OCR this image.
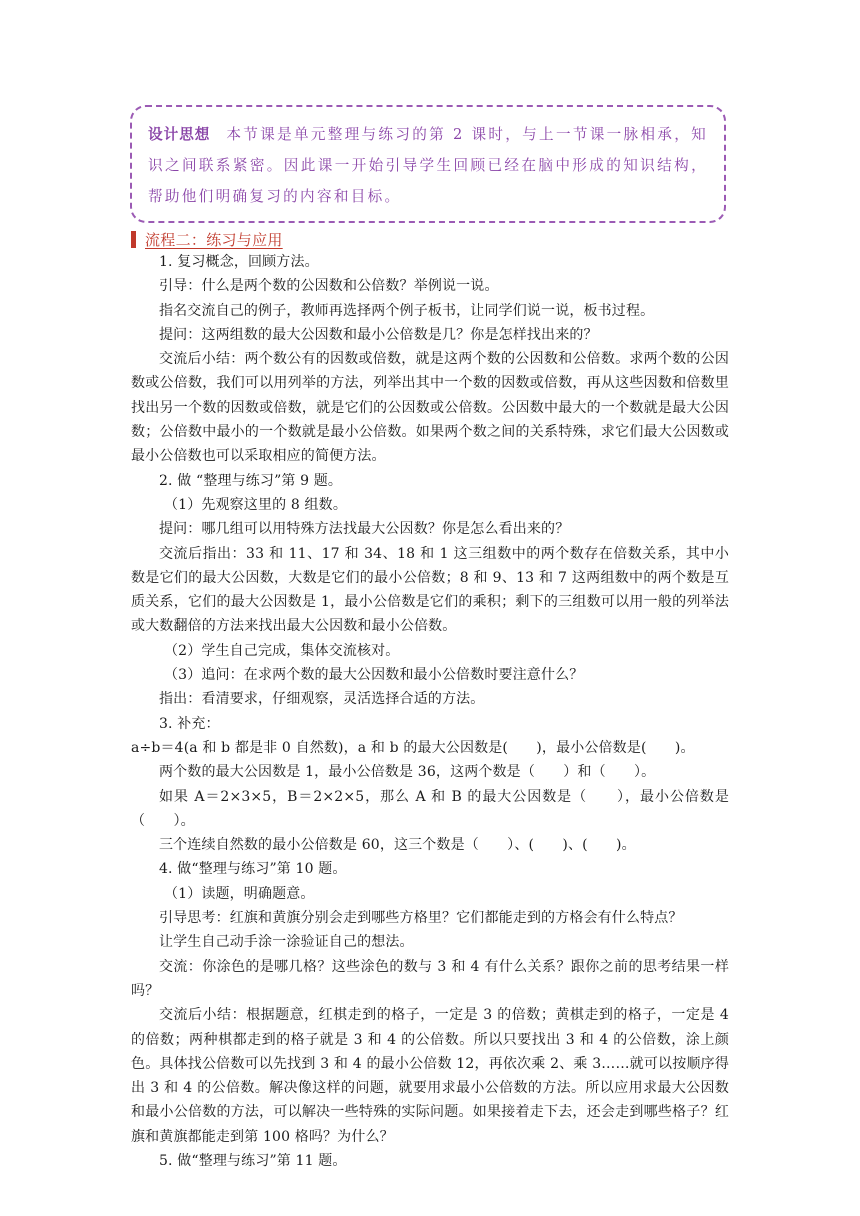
设计思想 本节课是单元整理与练习的第 2 课时，与上一节课一脉相承，知识之间联系紧密。因此课一开始引导学生回顾已经在脑中形成的知识结构，帮助他们明确复习的内容和目标。

流程二：练习与应用

1. 复习概念，回顾方法。

引导：什么是两个数的公因数和公倍数？举例说一说。

指名交流自己的例子，教师再选择两个例子板书，让同学们说一说，板书过程。

提问：这两组数的最大公因数和最小公倍数是几？你是怎样找出来的？

交流后小结：两个数公有的因数或倍数，就是这两个数的公因数和公倍数。求两个数的公因数或公倍数，我们可以用列举的方法，列举出其中一个数的因数或倍数，再从这些因数和倍数里找出另一个数的因数或倍数，就是它们的公因数或公倍数。公因数中最大的一个数就是最大公因数；公倍数中最小的一个数就是最小公倍数。如果两个数之间的关系特殊，求它们最大公因数或最小公倍数也可以采取相应的简便方法。

2. 做 “整理与练习”第 9 题。

（1）先观察这里的 8 组数。

提问：哪几组可以用特殊方法找最大公因数？你是怎么看出来的？

交流后指出：33 和 11、17 和 34、18 和 1 这三组数中的两个数存在倍数关系，其中小数是它们的最大公因数，大数是它们的最小公倍数；8 和 9、13 和 7 这两组数中的两个数是互质关系，它们的最大公因数是 1，最小公倍数是它们的乘积；剩下的三组数可以用一般的列举法或大数翻倍的方法来找出最大公因数和最小公倍数。

（2）学生自己完成，集体交流核对。

（3）追问：在求两个数的最大公因数和最小公倍数时要注意什么？

指出：看清要求，仔细观察，灵活选择合适的方法。

3. 补充：

a÷b＝4(a 和 b 都是非 0 自然数)，a 和 b 的最大公因数是(　　)，最小公倍数是(　　)。

两个数的最大公因数是 1，最小公倍数是 36，这两个数是（　　）和（　　）。

如果 A＝2×3×5，B＝2×2×5，那么 A 和 B 的最大公因数是（　　），最小公倍数是（　　）。

三个连续自然数的最小公倍数是 60，这三个数是（　　）、(　　)、(　　)。

4. 做“整理与练习”第 10 题。

（1）读题，明确题意。

引导思考：红旗和黄旗分别会走到哪些方格里？它们都能走到的方格会有什么特点？

让学生自己动手涂一涂验证自己的想法。

交流：你涂色的是哪几格？这些涂色的数与 3 和 4 有什么关系？跟你之前的思考结果一样吗？

交流后小结：根据题意，红棋走到的格子，一定是 3 的倍数；黄棋走到的格子，一定是 4 的倍数；两种棋都走到的格子就是 3 和 4 的公倍数。所以只要找出 3 和 4 的公倍数，涂上颜色。具体找公倍数可以先找到 3 和 4 的最小公倍数 12，再依次乘 2、乘 3……就可以按顺序得出 3 和 4 的公倍数。解决像这样的问题，就要用求最小公倍数的方法。所以应用求最大公因数和最小公倍数的方法，可以解决一些特殊的实际问题。如果接着走下去，还会走到哪些格子？红旗和黄旗都能走到第 100 格吗？为什么？

5. 做“整理与练习”第 11 题。
